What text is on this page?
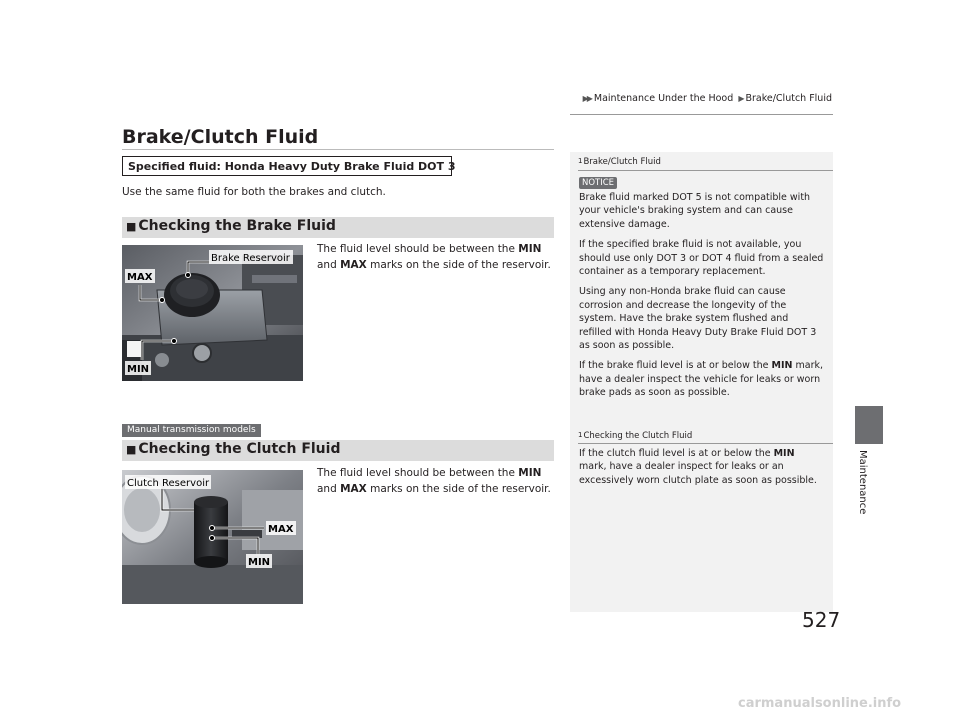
▶▶ Maintenance Under the Hood ▶ Brake/Clutch Fluid
Brake/Clutch Fluid
Specified fluid: Honda Heavy Duty Brake Fluid DOT 3
Use the same fluid for both the brakes and clutch.
■ Checking the Brake Fluid
Brake Reservoir
MAX
MIN
The fluid level should be between the MIN
and MAX marks on the side of the reservoir.
Manual transmission models
■ Checking the Clutch Fluid
Clutch Reservoir
MAX
MIN
The fluid level should be between the MIN
and MAX marks on the side of the reservoir.
$^1$Brake/Clutch Fluid
NOTICE

Brake fluid marked DOT 5 is not compatible with your vehicle's braking system and can cause extensive damage.

If the specified brake fluid is not available, you should use only DOT 3 or DOT 4 fluid from a sealed container as a temporary replacement.

Using any non-Honda brake fluid can cause corrosion and decrease the longevity of the system. Have the brake system flushed and refilled with Honda Heavy Duty Brake Fluid DOT 3 as soon as possible.

If the brake fluid level is at or below the MIN mark, have a dealer inspect the vehicle for leaks or worn brake pads as soon as possible.

$^1$Checking the Clutch Fluid

If the clutch fluid level is at or below the MIN mark, have a dealer inspect for leaks or an excessively worn clutch plate as soon as possible.	Maintenance
527
carmanualsonline.info
